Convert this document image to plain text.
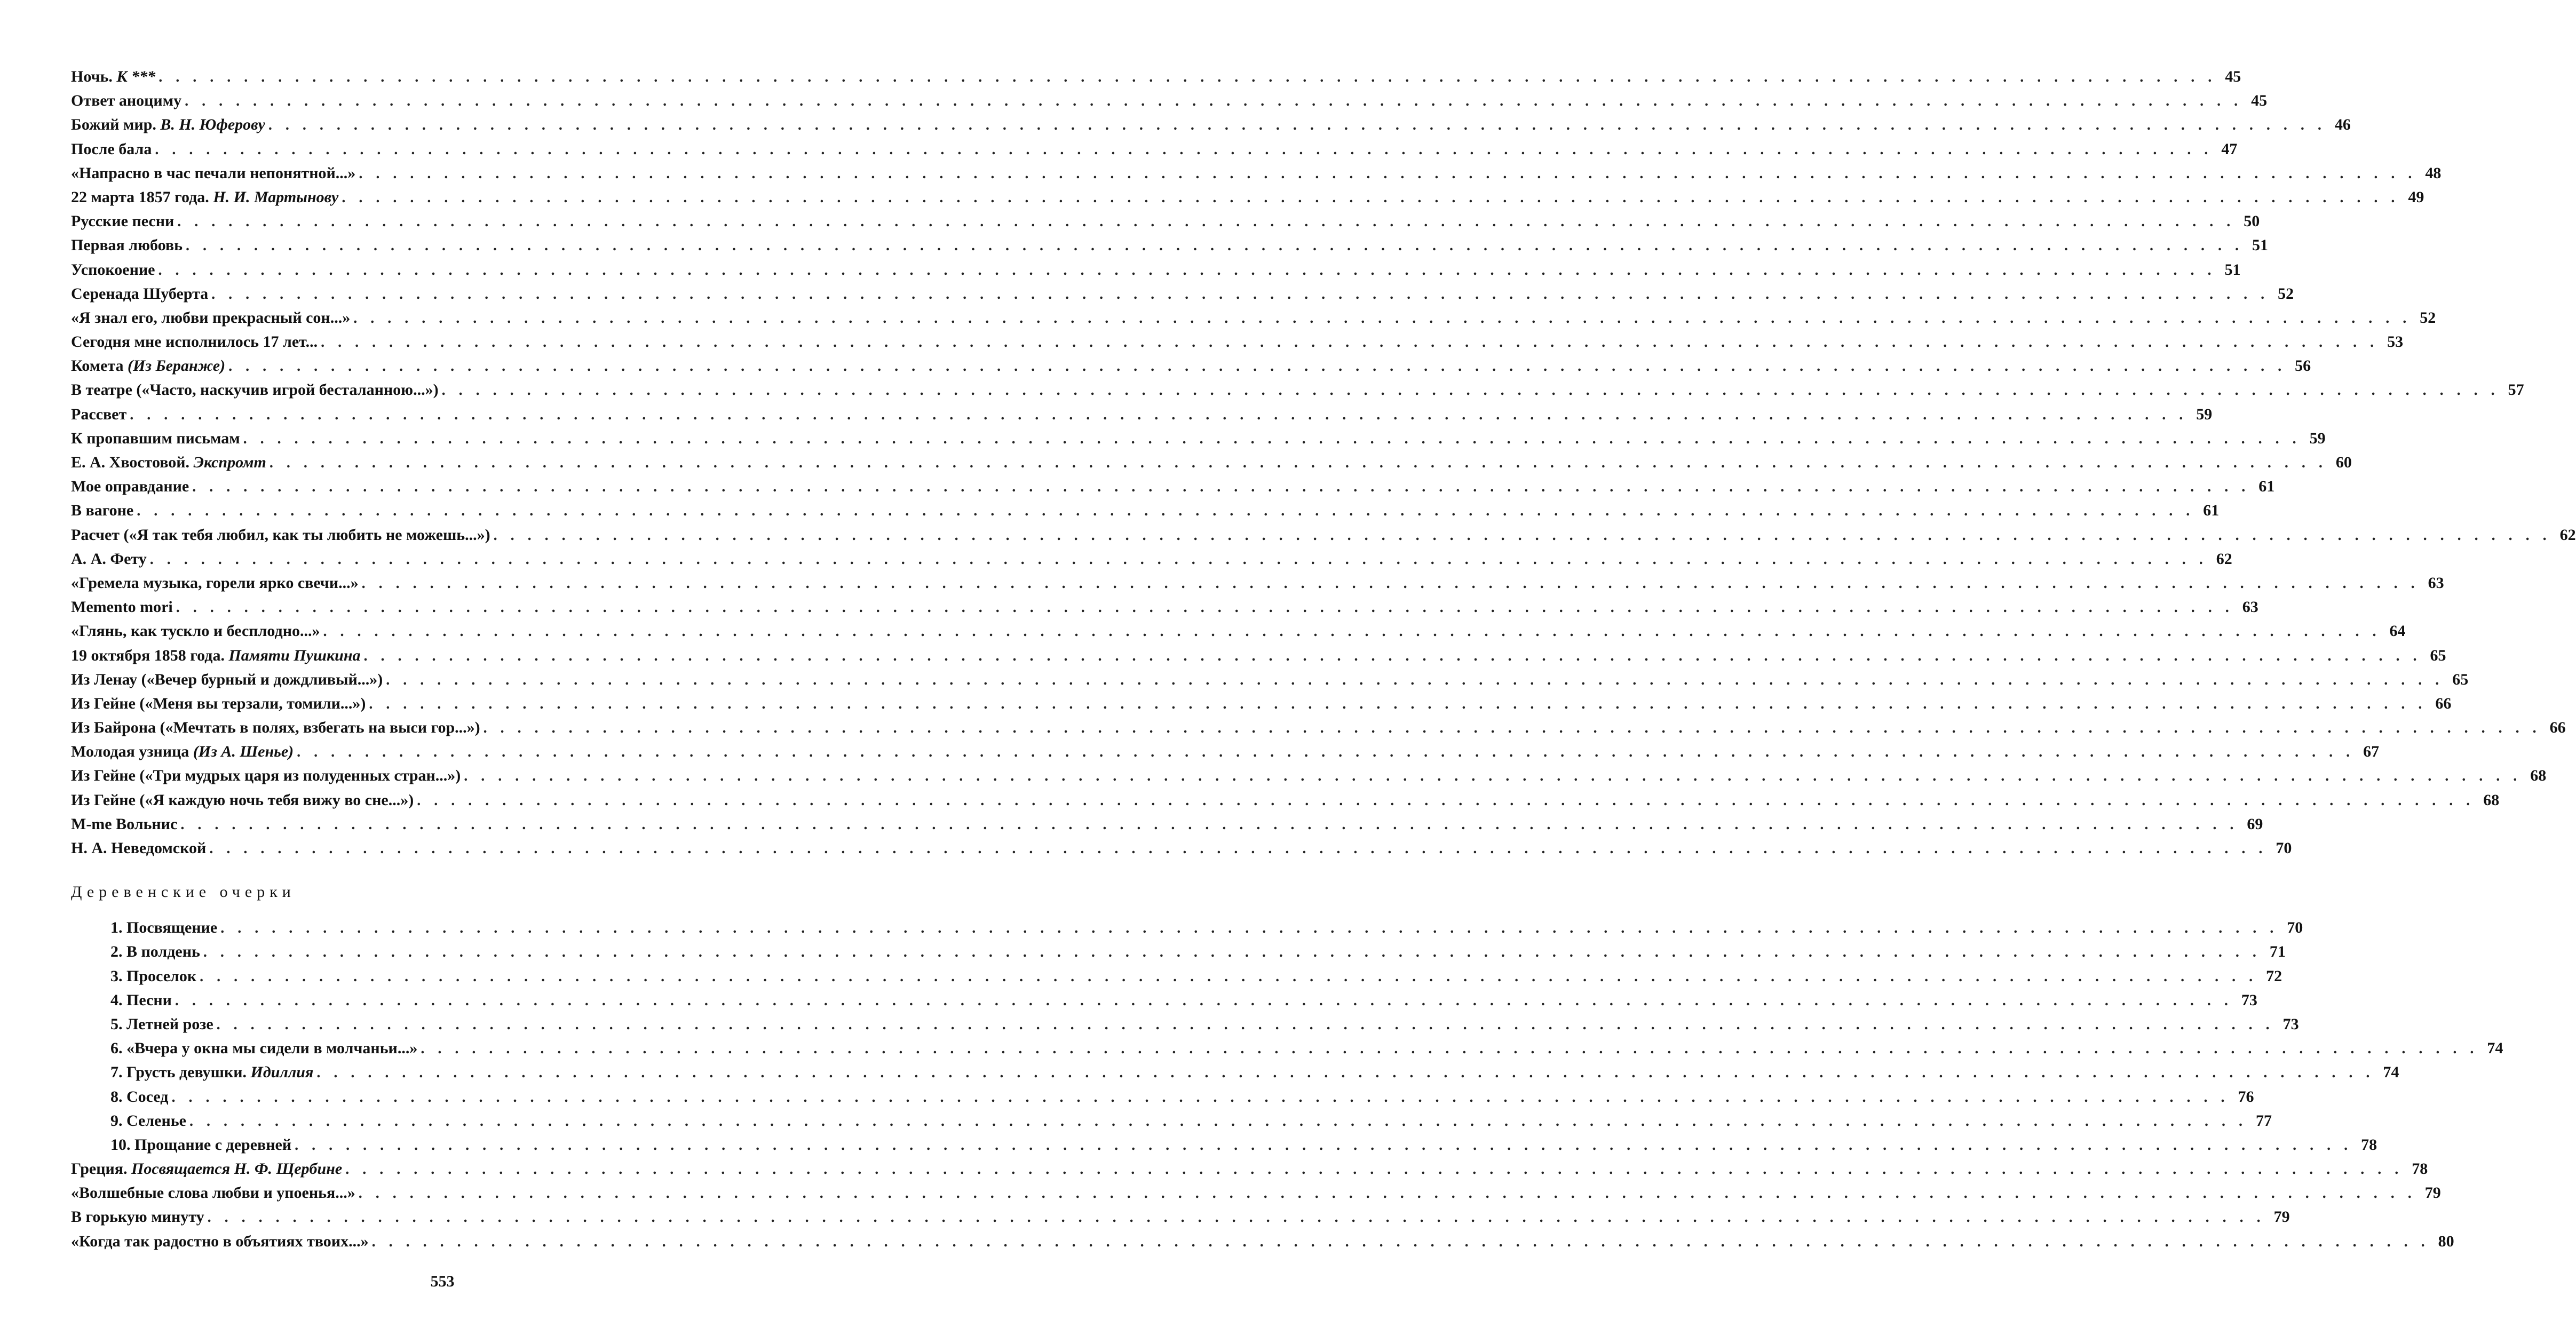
Ночь. К *** . . .	45
Ответ аноциму . . .	45
Божий мир. В. Н. Юферову . . .	46
После бала . . .	47
«Напрасно в час печали непонятной...» . . .	48
22 марта 1857 года. Н. И. Мартынову . . .	49
Русские песни . . .	50
Первая любовь . . .	51
Успокоение . . .	51
Серенада Шуберта . . .	52
«Я знал его, любви прекрасный сон...» . . .	52
Сегодня мне исполнилось 17 лет... . . .	53
Комета (Из Беранже) . . .	56
В театре («Часто, наскучив игрой бесталанною...») . . .	57
Рассвет . . .	59
К пропавшим письмам . . .	59
Е. А. Хвостовой. Экспромт . . .	60
Мое оправдание . . .	61
В вагоне . . .	61
Расчет («Я так тебя любил, как ты любить не можешь...») . . .	62
А. А. Фету . . .	62
«Гремела музыка, горели ярко свечи...» . . .	63
Memento mori . . .	63
«Глянь, как тускло и бесплодно...» . . .	64
19 октября 1858 года. Памяти Пушкина . . .	65
Из Ленау («Вечер бурный и дождливый...») . . .	65
Из Гейне («Меня вы терзали, томили...») . . .	66
Из Байрона («Мечтать в полях, взбегать на выси гор...») . . .	66
Молодая узница (Из А. Шенье) . . .	67
Из Гейне («Три мудрых царя из полуденных стран...») . . .	68
Из Гейне («Я каждую ночь тебя вижу во сне...») . . .	68
M-me Вольнис . . .	69
Н. А. Неведомской . . .	70
Деревенские очерки
1. Посвящение . . .	70
2. В полдень . . .	71
3. Проселок . . .	72
4. Песни . . .	73
5. Летней розе . . .	73
6. «Вчера у окна мы сидели в молчаньи...» . . .	74
7. Грусть девушки. Идиллия . . .	74
8. Сосед . . .	76
9. Селенье . . .	77
10. Прощание с деревней . . .	78
Греция. Посвящается Н. Ф. Щербине . . .	78
«Волшебные слова любви и упоенья...» . . .	79
В горькую минуту . . .	79
«Когда так радостно в объятиях твоих...» . . .	80
553
